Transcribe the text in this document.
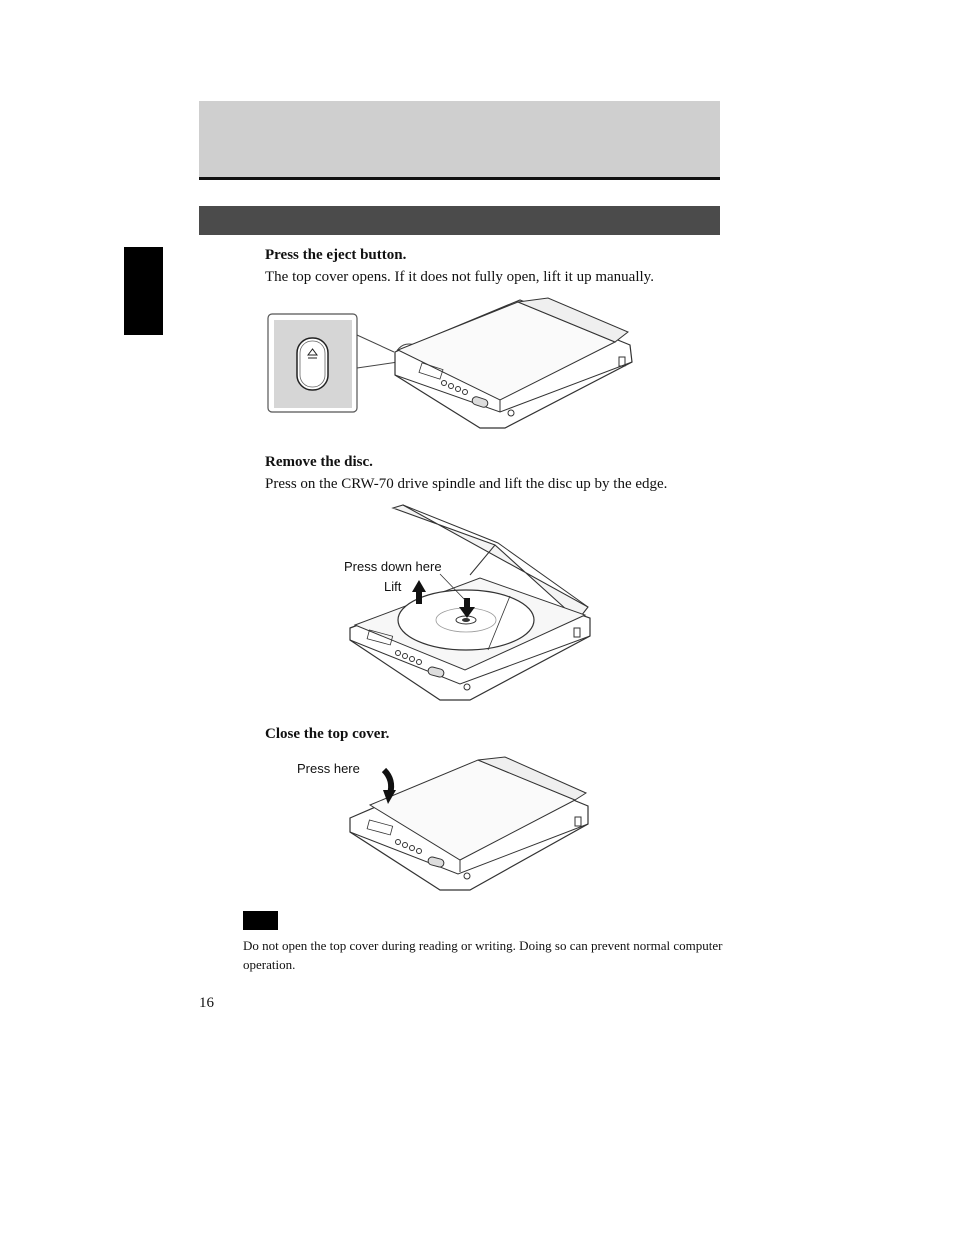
Press the eject button.
The top cover opens. If it does not fully open, lift it up manually.
Remove the disc.
Press on the CRW-70 drive spindle and lift the disc up by the edge.
Press down here
Lift
Close the top cover.
Press here
Do not open the top cover during reading or writing. Doing so can prevent normal computer operation.
16
